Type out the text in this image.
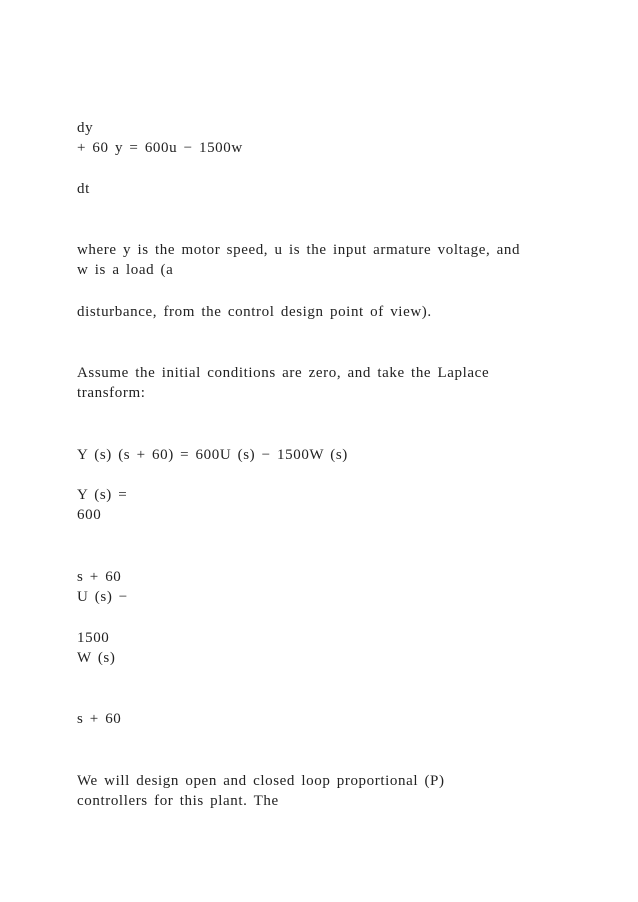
dy

+ 60 y = 600u − 1500w

dt

where y is the motor speed, u is the input armature voltage, and

w is a load (a

disturbance, from the control design point of view).

Assume the initial conditions are zero, and take the Laplace

transform:

Y (s) (s + 60) = 600U (s) − 1500W (s)

Y (s) =

600

s + 60

U (s) −

1500

W (s)

s + 60

We will design open and closed loop proportional (P)

controllers for this plant. The
